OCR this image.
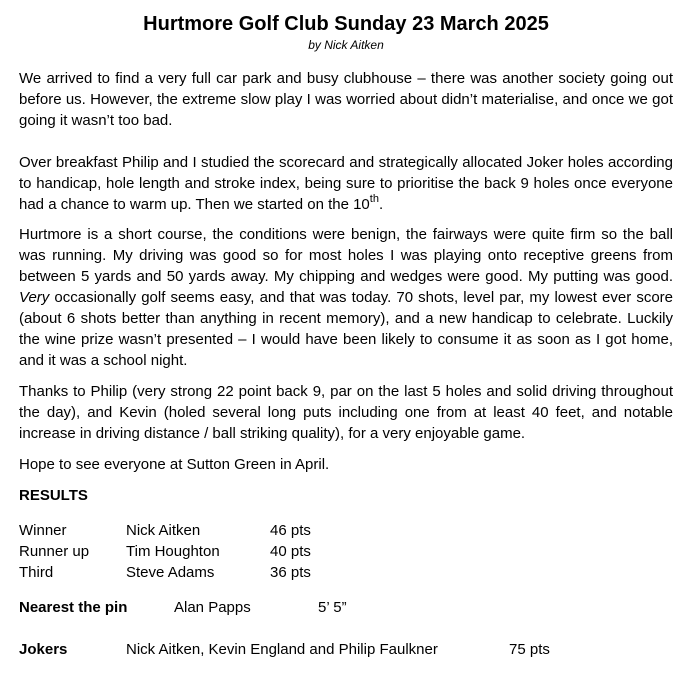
Hurtmore Golf Club Sunday 23 March 2025
by Nick Aitken

We arrived to find a very full car park and busy clubhouse – there was another society going out before us. However, the extreme slow play I was worried about didn’t materialise, and once we got going it wasn’t too bad.

Over breakfast Philip and I studied the scorecard and strategically allocated Joker holes according to handicap, hole length and stroke index, being sure to prioritise the back 9 holes once everyone had a chance to warm up. Then we started on the 10th.

Hurtmore is a short course, the conditions were benign, the fairways were quite firm so the ball was running. My driving was good so for most holes I was playing onto receptive greens from between 5 yards and 50 yards away. My chipping and wedges were good. My putting was good. Very occasionally golf seems easy, and that was today. 70 shots, level par, my lowest ever score (about 6 shots better than anything in recent memory), and a new handicap to celebrate. Luckily the wine prize wasn’t presented – I would have been likely to consume it as soon as I got home, and it was a school night.

Thanks to Philip (very strong 22 point back 9, par on the last 5 holes and solid driving throughout the day), and Kevin (holed several long puts including one from at least 40 feet, and notable increase in driving distance / ball striking quality), for a very enjoyable game.

Hope to see everyone at Sutton Green in April.

RESULTS
Winner	Nick Aitken	46 pts
Runner up	Tim Houghton	40 pts
Third	Steve Adams	36 pts
Nearest the pin	Alan Papps	5’ 5”
Jokers	Nick Aitken, Kevin England and Philip Faulkner	75 pts
